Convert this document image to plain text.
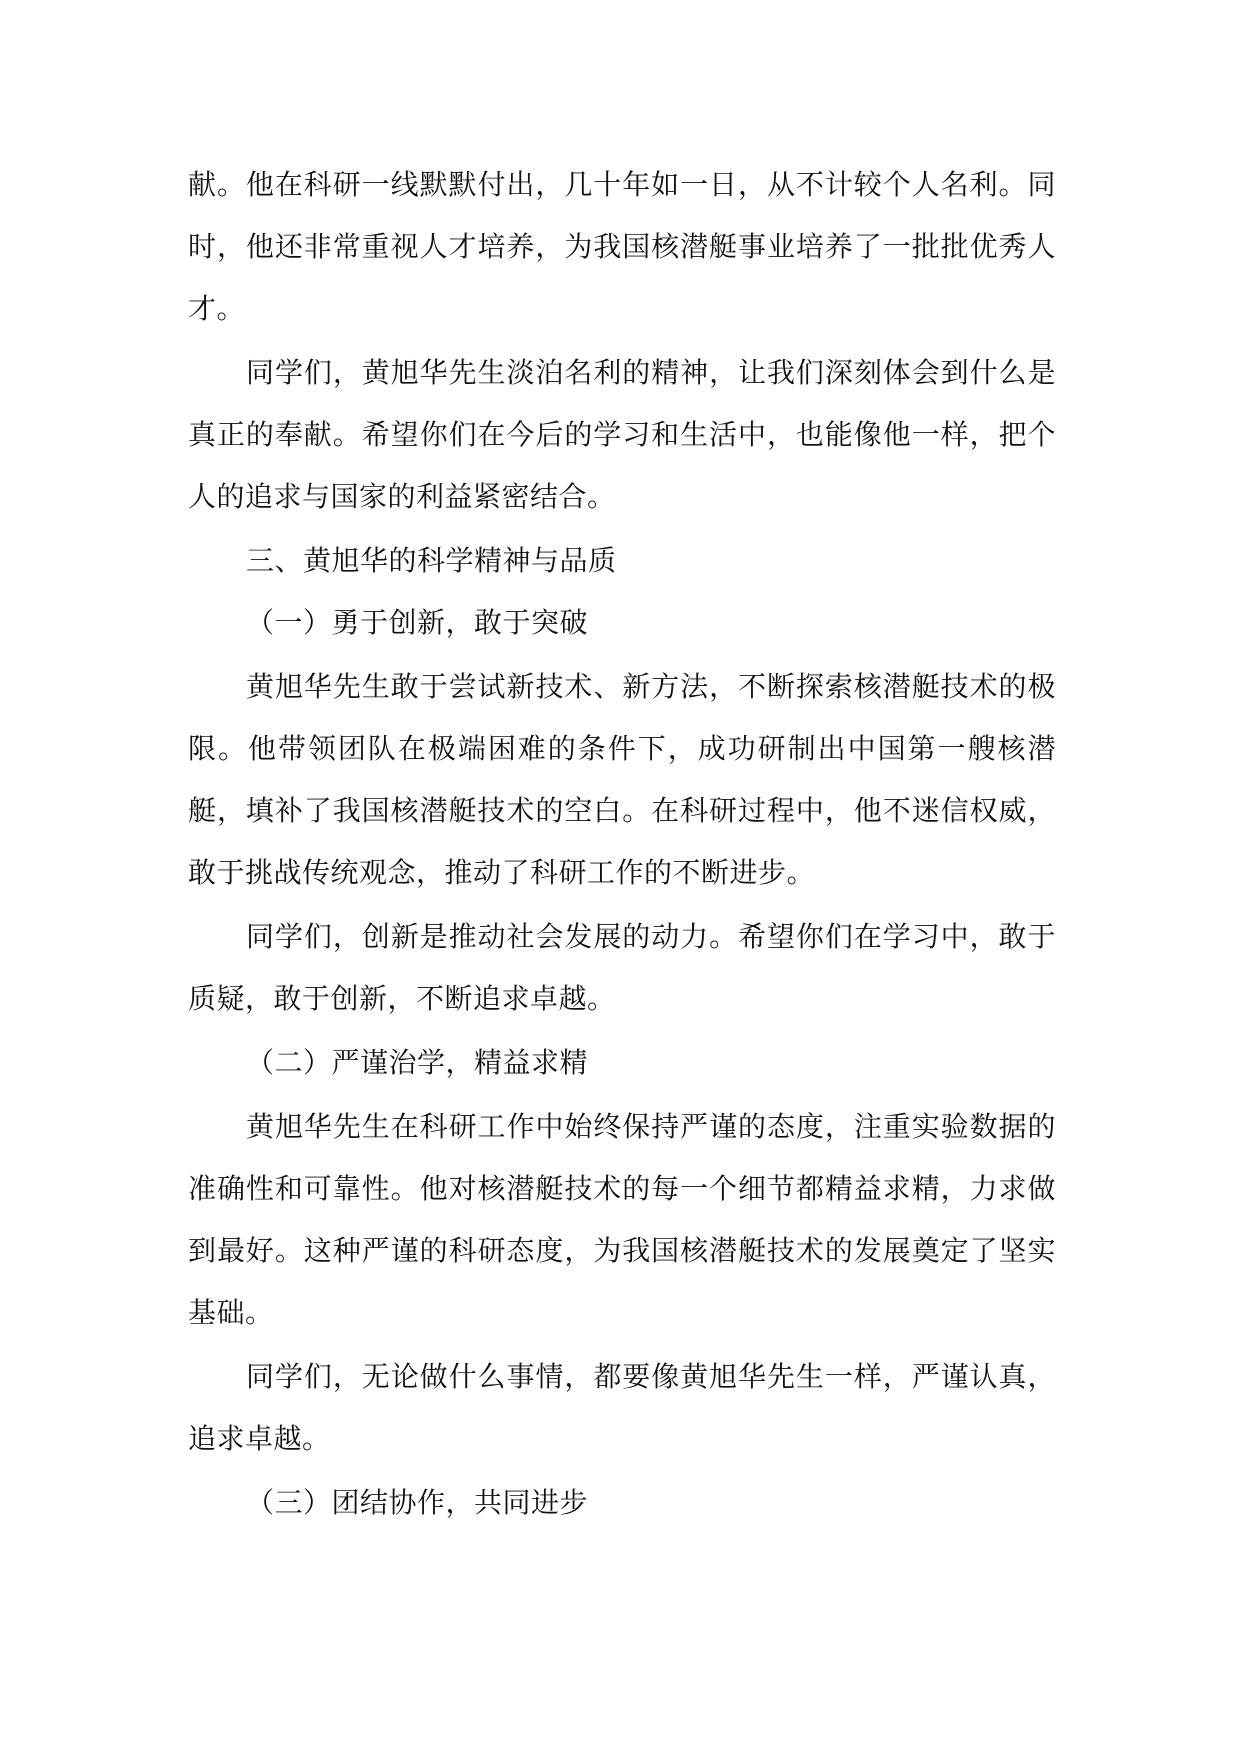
献。他在科研一线默默付出，几十年如一日，从不计较个人名利。同时，他还非常重视人才培养，为我国核潜艇事业培养了一批批优秀人才。

同学们，黄旭华先生淡泊名利的精神，让我们深刻体会到什么是真正的奉献。希望你们在今后的学习和生活中，也能像他一样，把个人的追求与国家的利益紧密结合。

三、黄旭华的科学精神与品质

（一）勇于创新，敢于突破

黄旭华先生敢于尝试新技术、新方法，不断探索核潜艇技术的极限。他带领团队在极端困难的条件下，成功研制出中国第一艘核潜艇，填补了我国核潜艇技术的空白。在科研过程中，他不迷信权威，敢于挑战传统观念，推动了科研工作的不断进步。

同学们，创新是推动社会发展的动力。希望你们在学习中，敢于质疑，敢于创新，不断追求卓越。

（二）严谨治学，精益求精

黄旭华先生在科研工作中始终保持严谨的态度，注重实验数据的准确性和可靠性。他对核潜艇技术的每一个细节都精益求精，力求做到最好。这种严谨的科研态度，为我国核潜艇技术的发展奠定了坚实基础。

同学们，无论做什么事情，都要像黄旭华先生一样，严谨认真，追求卓越。

（三）团结协作，共同进步
